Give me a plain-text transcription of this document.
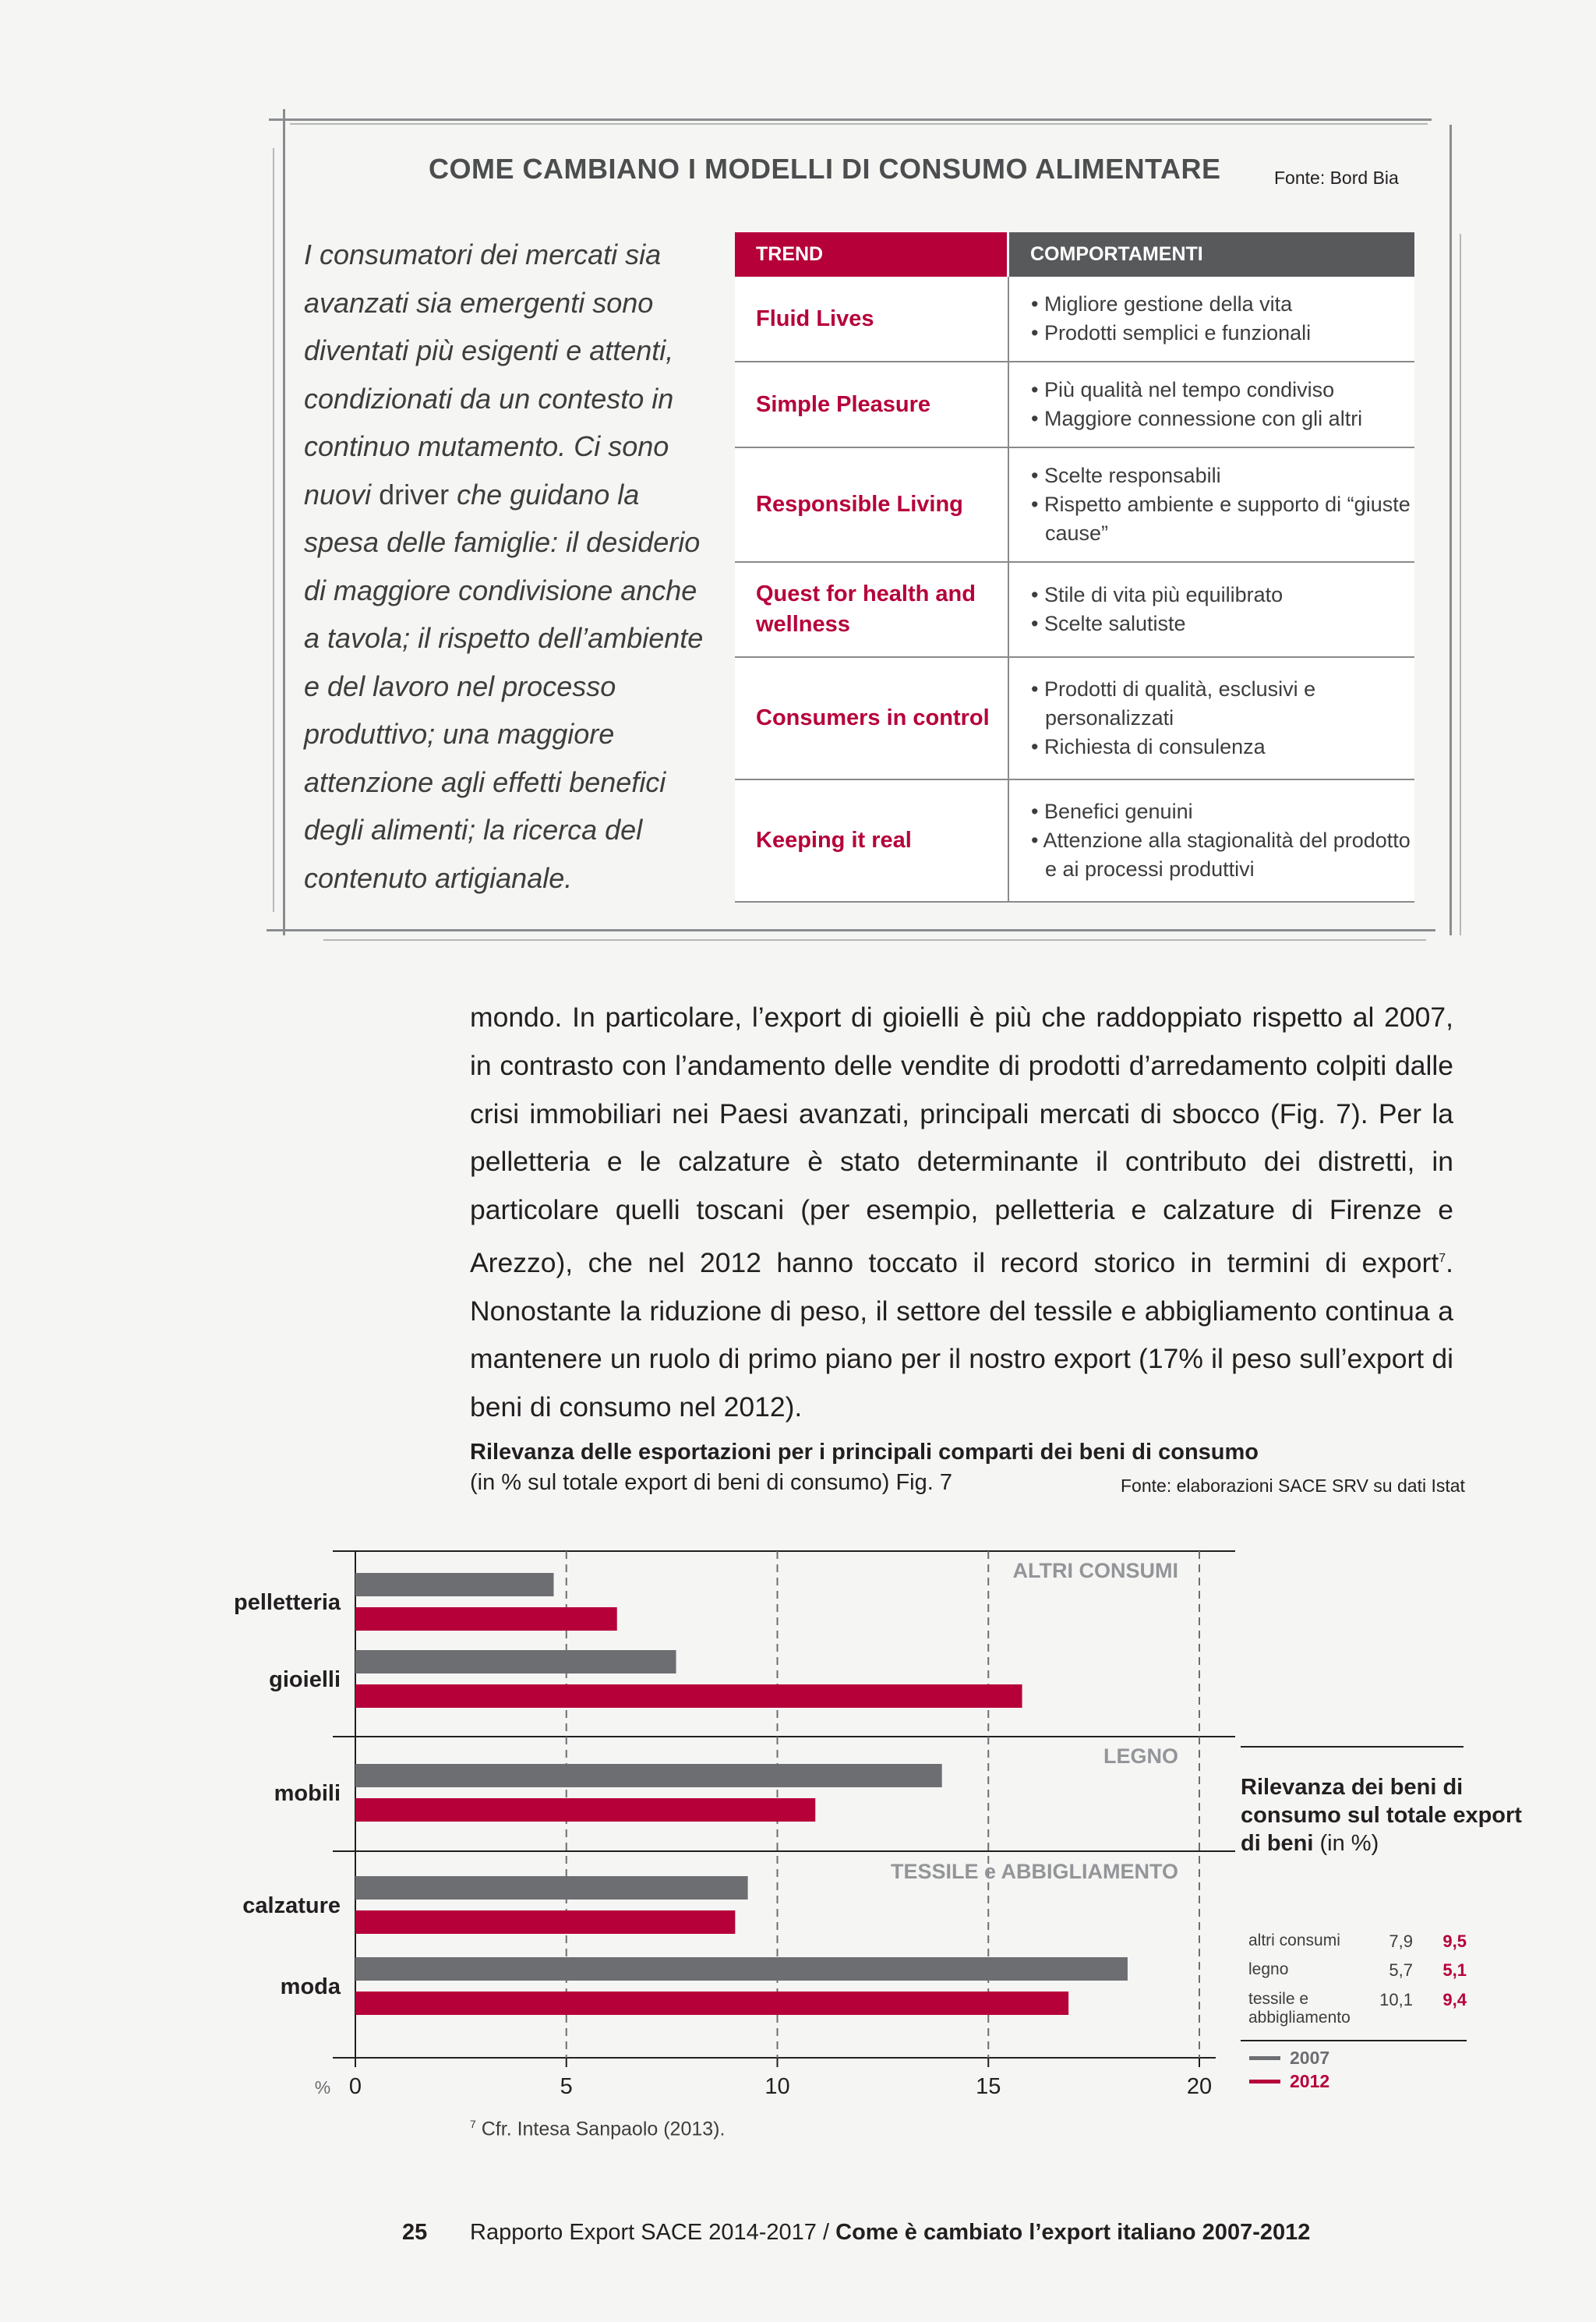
COME CAMBIANO I MODELLI DI CONSUMO ALIMENTARE	Fonte: Bord Bia
I consumatori dei mercati sia avanzati sia emergenti sono diventati più esigenti e attenti, condizionati da un contesto in continuo mutamento. Ci sono nuovi driver che guidano la spesa delle famiglie: il desiderio di maggiore condivisione anche a tavola; il rispetto dell’ambiente e del lavoro nel processo produttivo; una maggiore attenzione agli effetti benefici degli alimenti; la ricerca del contenuto artigianale.
TREND	COMPORTAMENTI
Fluid Lives
• Migliore gestione della vita
• Prodotti semplici e funzionali
Simple Pleasure
• Più qualità nel tempo condiviso
• Maggiore connessione con gli altri
Responsible Living
• Scelte responsabili
• Rispetto ambiente e supporto di “giuste cause”
Quest for health and wellness
• Stile di vita più equilibrato
• Scelte salutiste
Consumers in control
• Prodotti di qualità, esclusivi e personalizzati
• Richiesta di consulenza
Keeping it real
• Benefici genuini
• Attenzione alla stagionalità del prodotto e ai processi produttivi
mondo. In particolare, l’export di gioielli è più che raddoppiato rispetto al 2007, in contrasto con l’andamento delle vendite di prodotti d’arredamento colpiti dalle crisi immobiliari nei Paesi avanzati, principali mercati di sbocco (Fig. 7). Per la pelletteria e le calzature è stato determinante il contributo dei distretti, in particolare quelli toscani (per esempio, pelletteria e calzature di Firenze e Arezzo), che nel 2012 hanno toccato il record storico in termini di export$^7$. Nonostante la riduzione di peso, il settore del tessile e abbigliamento continua a mantenere un ruolo di primo piano per il nostro export (17% il peso sull’export di beni di consumo nel 2012).
Rilevanza delle esportazioni per i principali comparti dei beni di consumo
(in % sul totale export di beni di consumo) Fig. 7	Fonte: elaborazioni SACE SRV su dati Istat
0	5	10	15	20
%
ALTRI CONSUMI
LEGNO
TESSILE e ABBIGLIAMENTO
pelletteria
gioielli
mobili
calzature
moda
Rilevanza dei beni di consumo sul totale export di beni (in %)
altri consumi	7,9	9,5
legno	5,7	5,1
tessile e
abbigliamento
10,1	9,4
2007
2012
$^7$ Cfr. Intesa Sanpaolo (2013).
25 Rapporto Export SACE 2014-2017 / Come è cambiato l’export italiano 2007-2012
